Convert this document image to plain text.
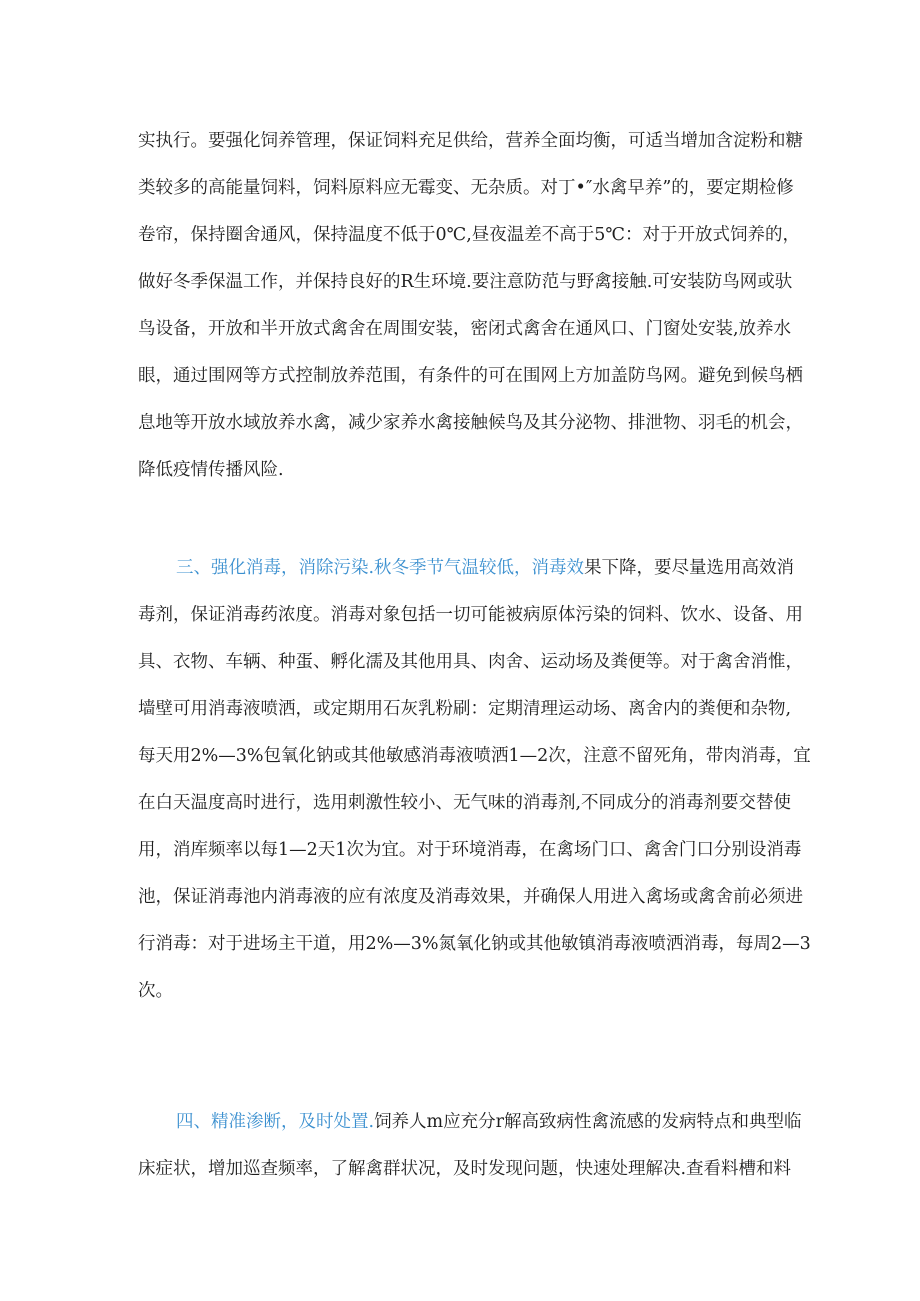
实执行。要强化饲养管理，保证饲料充足供给，营养全面均衡，可适当增加含淀粉和糖
类较多的高能量饲料，饲料原料应无霉变、无杂质。对丁•″水禽早养”的，要定期检修
卷帘，保持圈舍通风，保持温度不低于0℃,昼夜温差不高于5℃：对于开放式饲养的，
做好冬季保温工作，并保持良好的R生环境.要注意防范与野禽接触.可安装防鸟网或驮
鸟设备，开放和半开放式禽舍在周围安装，密闭式禽舍在通风口、门窗处安装,放养水
眼，通过围网等方式控制放养范围，有条件的可在围网上方加盖防鸟网。避免到候鸟栖
息地等开放水域放养水禽，减少家养水禽接触候鸟及其分泌物、排泄物、羽毛的机会，
降低疫情传播风险.
三、强化消毒，消除污染.秋冬季节气温较低，消毒效果下降，要尽量选用高效消
毒剂，保证消毒药浓度。消毒对象包括一切可能被病原体污染的饲料、饮水、设备、用
具、衣物、车辆、种蛋、孵化濡及其他用具、肉舍、运动场及粪便等。对于禽舍消惟，
墙壁可用消毒液喷洒，或定期用石灰乳粉刷：定期清理运动场、离舍内的粪便和杂物,
每天用2%—3%包氧化钠或其他敏感消毒液喷洒1—2次，注意不留死角，带肉消毒，宜
在白天温度高时进行，选用刺激性较小、无气味的消毒剂,不同成分的消毒剂要交替使
用，消库频率以每1—2天1次为宜。对于环境消毒，在禽场门口、禽舍门口分别设消毒
池，保证消毒池内消毒液的应有浓度及消毒效果，并确保人用进入禽场或禽舍前必须进
行消毒：对于进场主干道，用2%—3%氮氧化钠或其他敏镇消毒液喷洒消毒，每周2—3
次。
四、精准渗断，及时处置.饲养人m应充分r解高致病性禽流感的发病特点和典型临
床症状，增加巡查频率，了解禽群状况，及时发现问题，快速处理解决.查看料槽和料
